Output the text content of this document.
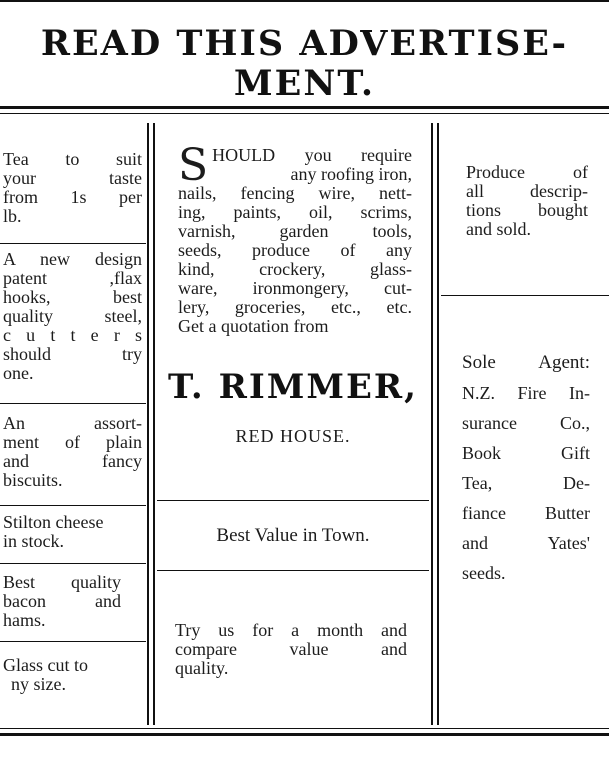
READ THIS ADVERTISE-
MENT.
Tea to suit
your taste
from 1s per
lb.
A new design
patent ,flax
hooks, best
quality steel,
c u t t e r s
should try
one.
An assort-
ment of plain
and fancy
biscuits.
Stilton cheese
in stock.
Best quality
bacon and
hams.
Glass cut to
ny size.
S HOULD you require
any roofing iron,
nails, fencing wire, nett-
ing, paints, oil, scrims,
varnish, garden tools,
seeds, produce of any
kind, crockery, glass-
ware, ironmongery, cut-
lery, groceries, etc., etc.
Get a quotation from
T. RIMMER,
RED HOUSE.
Best Value in Town.
Try us for a month and
compare value and
quality.
Produce of
all descrip-
tions bought
and sold.
Sole Agent:
N.Z. Fire In-
surance Co.,
Book Gift
Tea, De-
fiance Butter
and Yates'
seeds.
